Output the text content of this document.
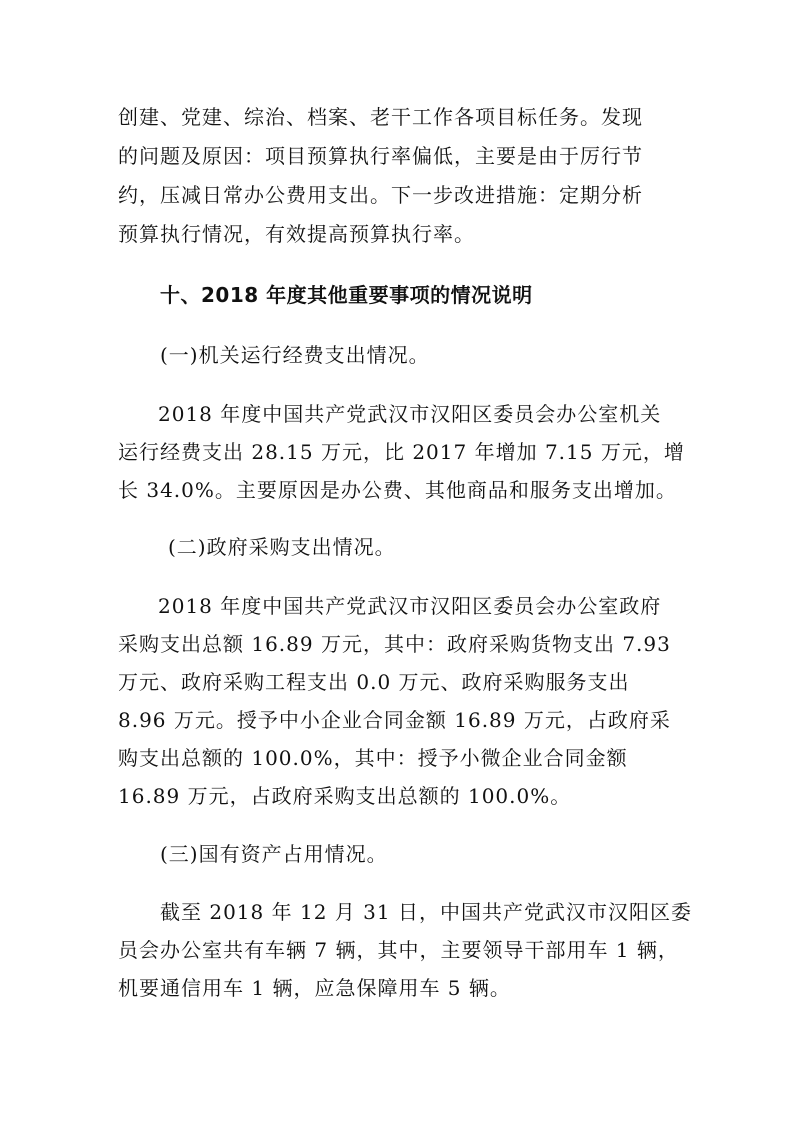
创建、党建、综治、档案、老干工作各项目标任务。发现
的问题及原因：项目预算执行率偏低，主要是由于厉行节
约，压减日常办公费用支出。下一步改进措施：定期分析
预算执行情况，有效提高预算执行率。
十、2018 年度其他重要事项的情况说明
(一)机关运行经费支出情况。
2018 年度中国共产党武汉市汉阳区委员会办公室机关
运行经费支出 28.15 万元，比 2017 年增加 7.15 万元，增
长 34.0%。主要原因是办公费、其他商品和服务支出增加。
(二)政府采购支出情况。
2018 年度中国共产党武汉市汉阳区委员会办公室政府
采购支出总额 16.89 万元，其中：政府采购货物支出 7.93
万元、政府采购工程支出 0.0 万元、政府采购服务支出
8.96 万元。授予中小企业合同金额 16.89 万元，占政府采
购支出总额的 100.0%，其中：授予小微企业合同金额
16.89 万元，占政府采购支出总额的 100.0%。
(三)国有资产占用情况。
截至 2018 年 12 月 31 日，中国共产党武汉市汉阳区委
员会办公室共有车辆 7 辆，其中，主要领导干部用车 1 辆，
机要通信用车 1 辆，应急保障用车 5 辆。
